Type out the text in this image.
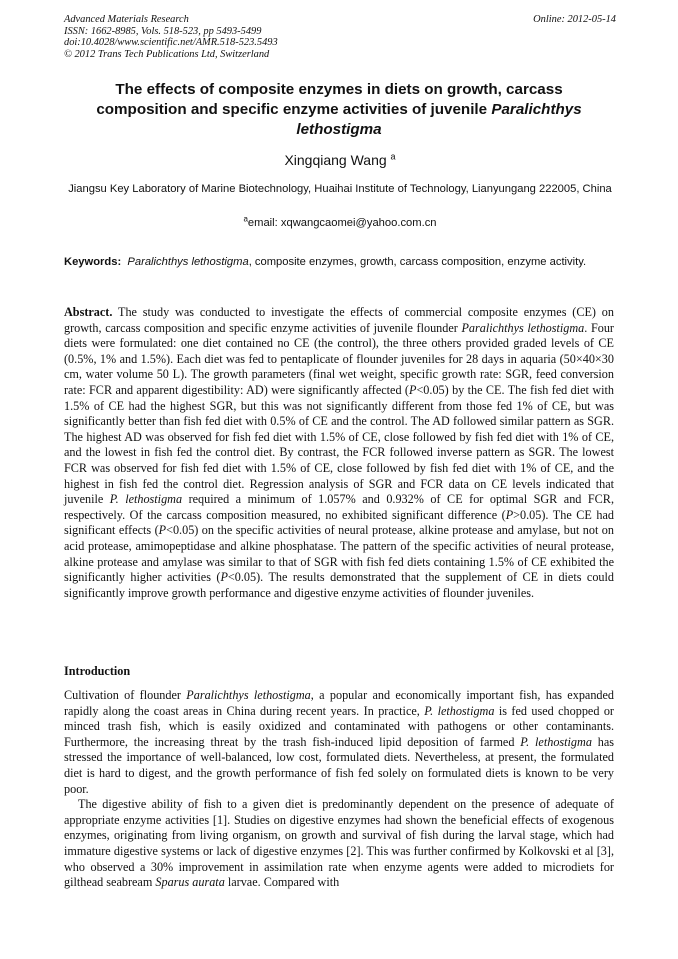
Advanced Materials Research
ISSN: 1662-8985, Vols. 518-523, pp 5493-5499
doi:10.4028/www.scientific.net/AMR.518-523.5493
© 2012 Trans Tech Publications Ltd, Switzerland
Online: 2012-05-14
The effects of composite enzymes in diets on growth, carcass composition and specific enzyme activities of juvenile Paralichthys lethostigma
Xingqiang Wang $^a$
Jiangsu Key Laboratory of Marine Biotechnology, Huaihai Institute of Technology, Lianyungang 222005, China
$^a$email: xqwangcaomei@yahoo.com.cn
Keywords: Paralichthys lethostigma, composite enzymes, growth, carcass composition, enzyme activity.
Abstract. The study was conducted to investigate the effects of commercial composite enzymes (CE) on growth, carcass composition and specific enzyme activities of juvenile flounder Paralichthys lethostigma. Four diets were formulated: one diet contained no CE (the control), the three others provided graded levels of CE (0.5%, 1% and 1.5%). Each diet was fed to pentaplicate of flounder juveniles for 28 days in aquaria (50×40×30 cm, water volume 50 L). The growth parameters (final wet weight, specific growth rate: SGR, feed conversion rate: FCR and apparent digestibility: AD) were significantly affected (P<0.05) by the CE. The fish fed diet with 1.5% of CE had the highest SGR, but this was not significantly different from those fed 1% of CE, but was significantly better than fish fed diet with 0.5% of CE and the control. The AD followed similar pattern as SGR. The highest AD was observed for fish fed diet with 1.5% of CE, close followed by fish fed diet with 1% of CE, and the lowest in fish fed the control diet. By contrast, the FCR followed inverse pattern as SGR. The lowest FCR was observed for fish fed diet with 1.5% of CE, close followed by fish fed diet with 1% of CE, and the highest in fish fed the control diet. Regression analysis of SGR and FCR data on CE levels indicated that juvenile P. lethostigma required a minimum of 1.057% and 0.932% of CE for optimal SGR and FCR, respectively. Of the carcass composition measured, no exhibited significant difference (P>0.05). The CE had significant effects (P<0.05) on the specific activities of neural protease, alkine protease and amylase, but not on acid protease, amimopeptidase and alkine phosphatase. The pattern of the specific activities of neural protease, alkine protease and amylase was similar to that of SGR with fish fed diets containing 1.5% of CE exhibited the significantly higher activities (P<0.05). The results demonstrated that the supplement of CE in diets could significantly improve growth performance and digestive enzyme activities of flounder juveniles.
Introduction

Cultivation of flounder Paralichthys lethostigma, a popular and economically important fish, has expanded rapidly along the coast areas in China during recent years. In practice, P. lethostigma is fed used chopped or minced trash fish, which is easily oxidized and contaminated with pathogens or other contaminants. Furthermore, the increasing threat by the trash fish-induced lipid deposition of farmed P. lethostigma has stressed the importance of well-balanced, low cost, formulated diets. Nevertheless, at present, the formulated diet is hard to digest, and the growth performance of fish fed solely on formulated diets is known to be very poor.

The digestive ability of fish to a given diet is predominantly dependent on the presence of adequate of appropriate enzyme activities [1]. Studies on digestive enzymes had shown the beneficial effects of exogenous enzymes, originating from living organism, on growth and survival of fish during the larval stage, which had immature digestive systems or lack of digestive enzymes [2]. This was further confirmed by Kolkovski et al [3], who observed a 30% improvement in assimilation rate when enzyme agents were added to microdiets for gilthead seabream Sparus aurata larvae. Compared with
